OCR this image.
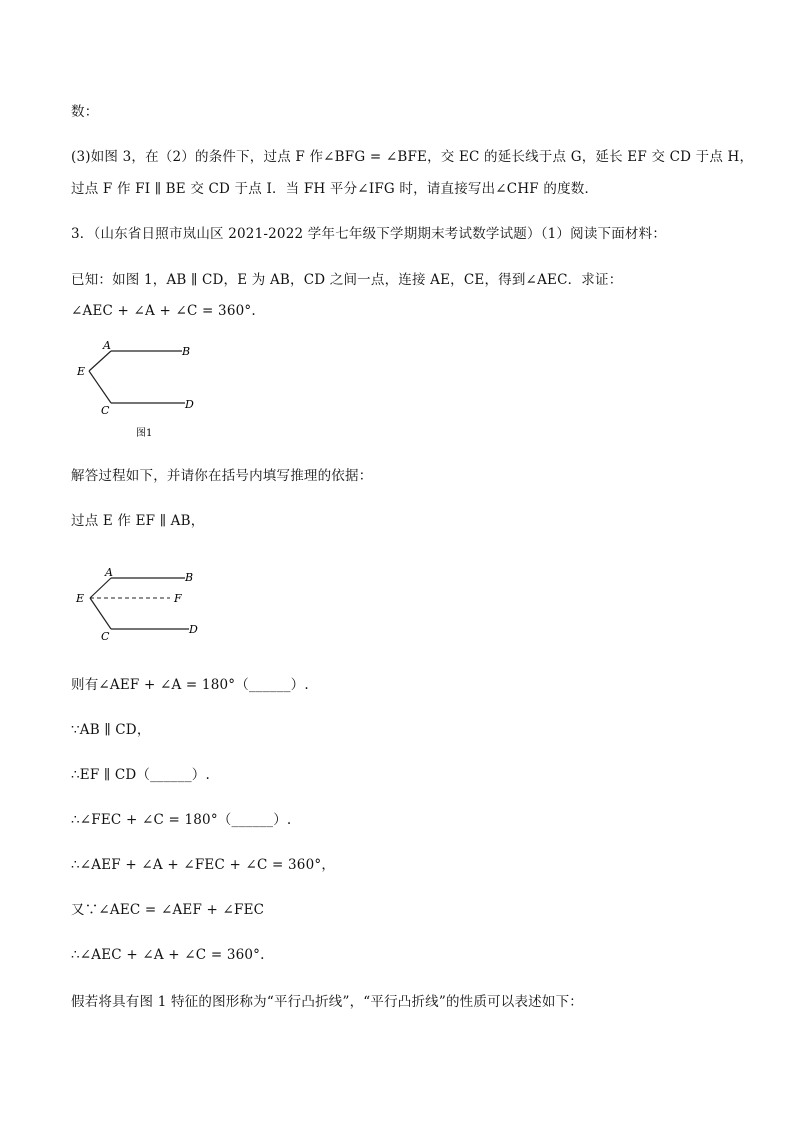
数：
(3)如图 3，在（2）的条件下，过点 F 作∠BFG = ∠BFE，交 EC 的延长线于点 G，延长 EF 交 CD 于点 H，
过点 F 作 FI ∥ BE 交 CD 于点 I．当 FH 平分∠IFG 时，请直接写出∠CHF 的度数．
3．（山东省日照市岚山区 2021-2022 学年七年级下学期期末考试数学试题）（1）阅读下面材料：
已知：如图 1，AB ∥ CD，E 为 AB，CD 之间一点，连接 AE，CE，得到∠AEC．求证：
∠AEC + ∠A + ∠C = 360°.
A	B
E
C	D
图1
解答过程如下，并请你在括号内填写推理的依据：
过点 E 作 EF ∥ AB，
A	B
E	F
C
D
则有∠AEF + ∠A = 180°（______）.
∵AB ∥ CD，
∴EF ∥ CD（______）.
∴∠FEC + ∠C = 180°（______）.
∴∠AEF + ∠A + ∠FEC + ∠C = 360°，
又∵∠AEC = ∠AEF + ∠FEC
∴∠AEC + ∠A + ∠C = 360°.
假若将具有图 1 特征的图形称为“平行凸折线”，“平行凸折线”的性质可以表述如下：
